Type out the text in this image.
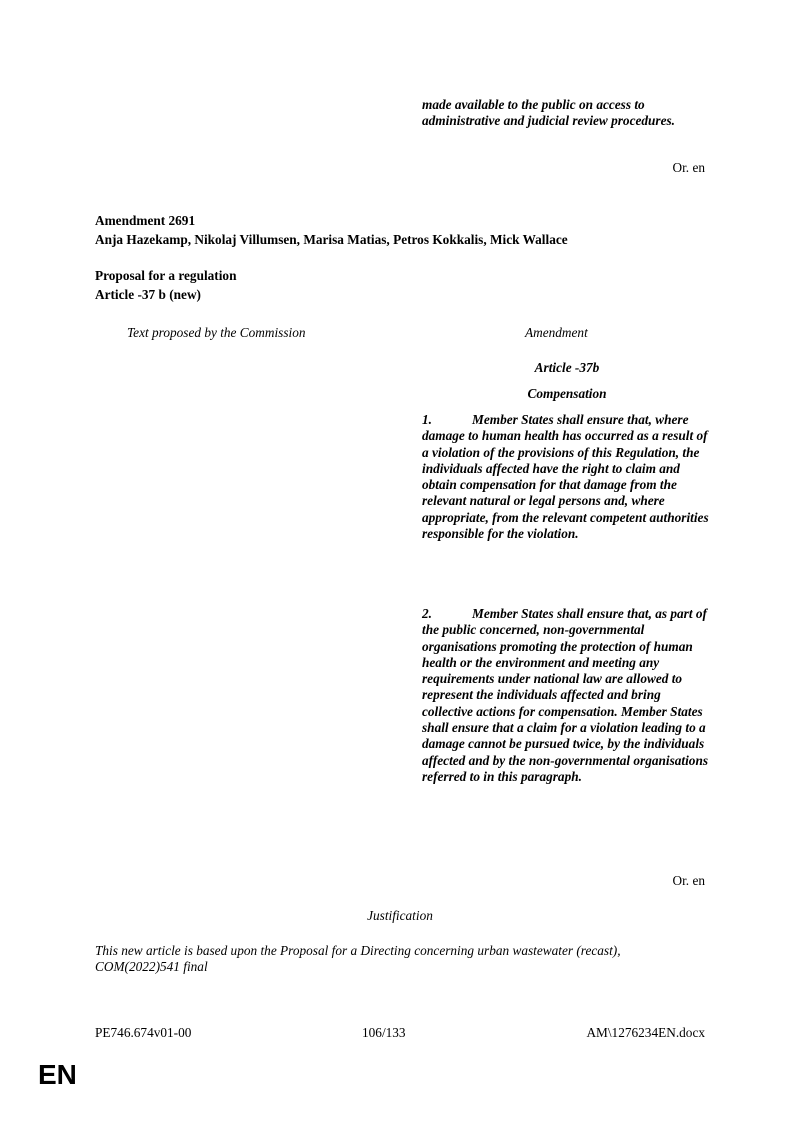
made available to the public on access to administrative and judicial review procedures.
Or. en
Amendment 2691
Anja Hazekamp, Nikolaj Villumsen, Marisa Matias, Petros Kokkalis, Mick Wallace
Proposal for a regulation
Article -37 b (new)
Text proposed by the Commission	Amendment
Article -37b
Compensation
1.	Member States shall ensure that, where damage to human health has occurred as a result of a violation of the provisions of this Regulation, the individuals affected have the right to claim and obtain compensation for that damage from the relevant natural or legal persons and, where appropriate, from the relevant competent authorities responsible for the violation.
2.	Member States shall ensure that, as part of the public concerned, non-governmental organisations promoting the protection of human health or the environment and meeting any requirements under national law are allowed to represent the individuals affected and bring collective actions for compensation. Member States shall ensure that a claim for a violation leading to a damage cannot be pursued twice, by the individuals affected and by the non-governmental organisations referred to in this paragraph.
Or. en
Justification
This new article is based upon the Proposal for a Directing concerning urban wastewater (recast), COM(2022)541 final
PE746.674v01-00	106/133	AM\1276234EN.docx
EN
